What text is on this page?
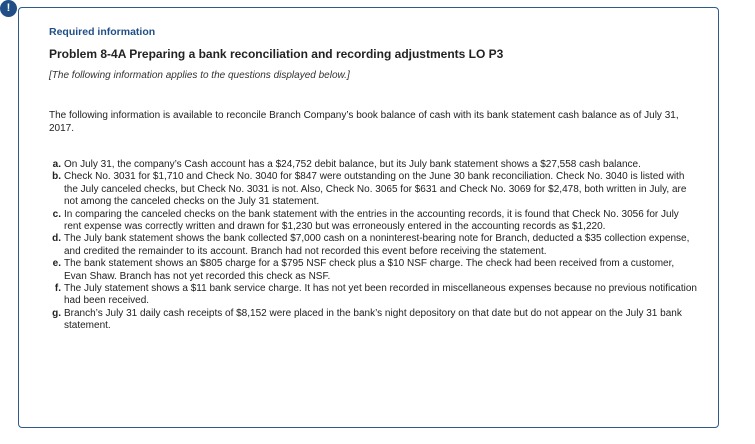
!
Required information
Problem 8-4A Preparing a bank reconciliation and recording adjustments LO P3
[The following information applies to the questions displayed below.]
The following information is available to reconcile Branch Company’s book balance of cash with its bank statement cash balance as of July 31, 2017.
a. On July 31, the company’s Cash account has a $24,752 debit balance, but its July bank statement shows a $27,558 cash balance.
b. Check No. 3031 for $1,710 and Check No. 3040 for $847 were outstanding on the June 30 bank reconciliation. Check No. 3040 is listed with the July canceled checks, but Check No. 3031 is not. Also, Check No. 3065 for $631 and Check No. 3069 for $2,478, both written in July, are not among the canceled checks on the July 31 statement.
c. In comparing the canceled checks on the bank statement with the entries in the accounting records, it is found that Check No. 3056 for July rent expense was correctly written and drawn for $1,230 but was erroneously entered in the accounting records as $1,220.
d. The July bank statement shows the bank collected $7,000 cash on a noninterest-bearing note for Branch, deducted a $35 collection expense, and credited the remainder to its account. Branch had not recorded this event before receiving the statement.
e. The bank statement shows an $805 charge for a $795 NSF check plus a $10 NSF charge. The check had been received from a customer, Evan Shaw. Branch has not yet recorded this check as NSF.
f. The July statement shows a $11 bank service charge. It has not yet been recorded in miscellaneous expenses because no previous notification had been received.
g. Branch’s July 31 daily cash receipts of $8,152 were placed in the bank’s night depository on that date but do not appear on the July 31 bank statement.
